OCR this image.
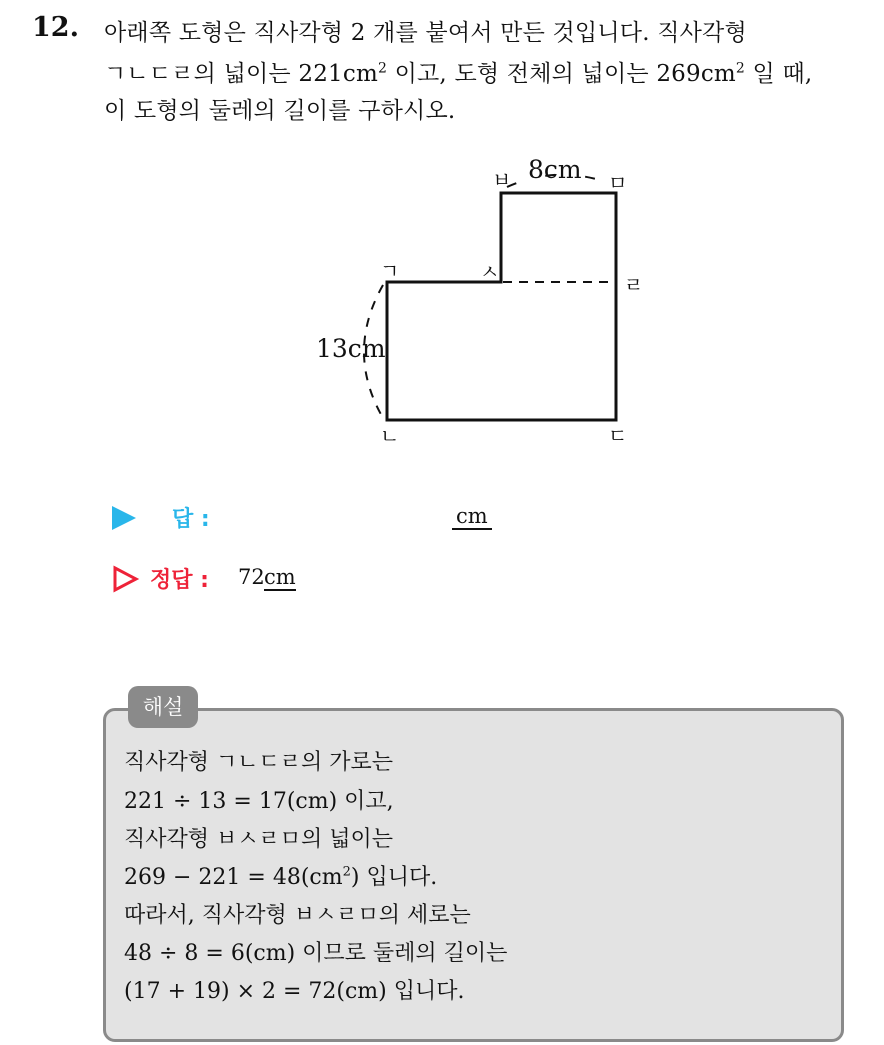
12. 아래쪽 도형은 직사각형 2 개를 붙여서 만든 것입니다. 직사각형
ㄱㄴㄷㄹ의 넓이는 $221cm^2$ 이고, 도형 전체의 넓이는 $269cm^2$ 일 때,
이 도형의 둘레의 길이를 구하시오.
ㄱ
ㄴ	ㄷ
ㄹ
ㅁ
ㅂ
ㅅ
8cm
13cm
답 :	cm
정답 : 72 cm
해설
직사각형 ㄱㄴㄷㄹ의 가로는
221 ÷ 13 = 17(cm) 이고,
직사각형 ㅂㅅㄹㅁ의 넓이는
$269 - 221 = 48(cm^2)$ 입니다.
따라서, 직사각형 ㅂㅅㄹㅁ의 세로는
48 ÷ 8 = 6(cm) 이므로 둘레의 길이는
(17 + 19) × 2 = 72(cm) 입니다.
